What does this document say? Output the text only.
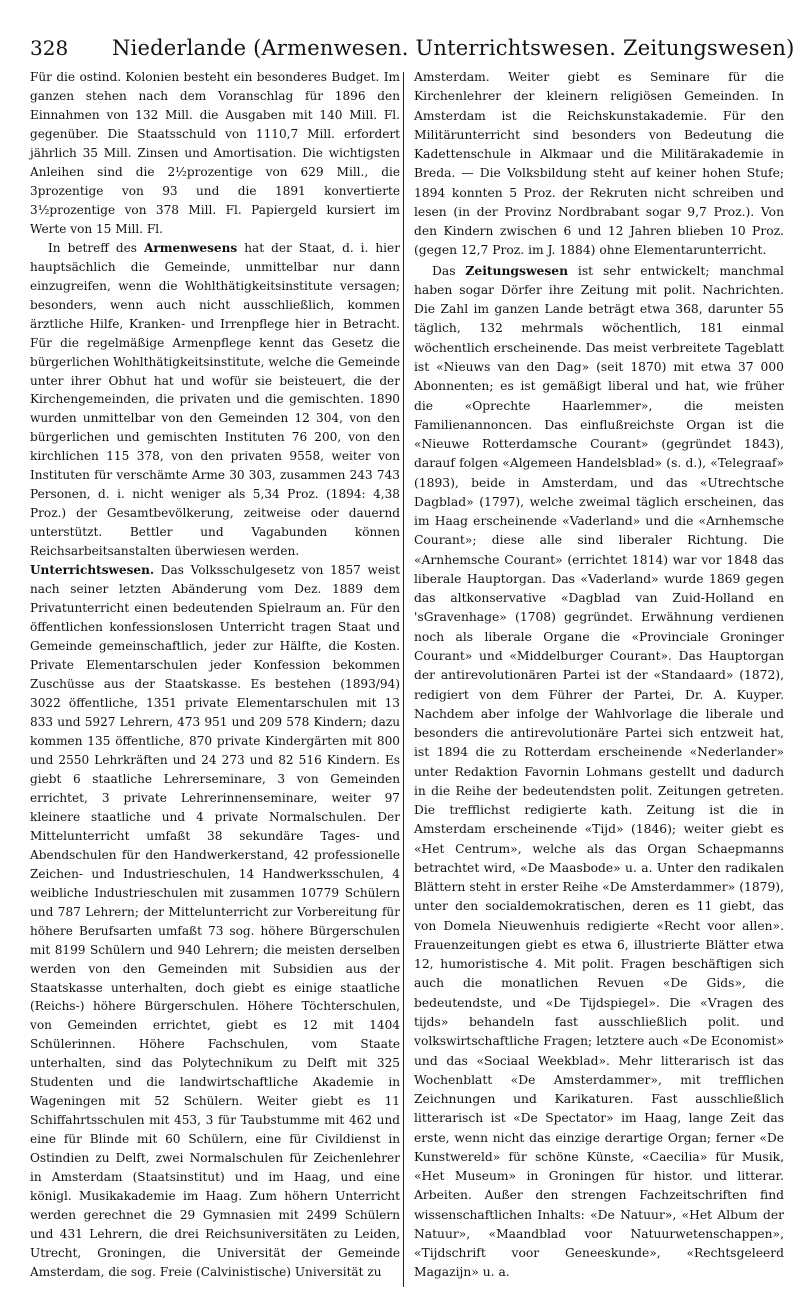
328 Niederlande (Armenwesen. Unterrichtswesen. Zeitungswesen)

Für die ostind. Kolonien besteht ein besonderes Budget. Im ganzen stehen nach dem Voranschlag für 1896 den Einnahmen von 132 Mill. die Ausgaben mit 140 Mill. Fl. gegenüber. Die Staatsschuld von 1110,7 Mill. erfordert jährlich 35 Mill. Zinsen und Amortisation. Die wichtigsten Anleihen sind die 2½prozentige von 629 Mill., die 3prozentige von 93 und die 1891 konvertierte 3½prozentige von 378 Mill. Fl. Papiergeld kursiert im Werte von 15 Mill. Fl.

In betreff des Armenwesens hat der Staat, d. i. hier hauptsächlich die Gemeinde, unmittelbar nur dann einzugreifen, wenn die Wohlthätigkeitsinstitute versagen; besonders, wenn auch nicht ausschließlich, kommen ärztliche Hilfe, Kranken- und Irrenpflege hier in Betracht. Für die regelmäßige Armenpflege kennt das Gesetz die bürgerlichen Wohlthätigkeitsinstitute, welche die Gemeinde unter ihrer Obhut hat und wofür sie beisteuert, die der Kirchengemeinden, die privaten und die gemischten. 1890 wurden unmittelbar von den Gemeinden 12 304, von den bürgerlichen und gemischten Instituten 76 200, von den kirchlichen 115 378, von den privaten 9558, weiter von Instituten für verschämte Arme 30 303, zusammen 243 743 Personen, d. i. nicht weniger als 5,34 Proz. (1894: 4,38 Proz.) der Gesamtbevölkerung, zeitweise oder dauernd unterstützt. Bettler und Vagabunden können Reichsarbeitsanstalten überwiesen werden.

Unterrichtswesen. Das Volksschulgesetz von 1857 weist nach seiner letzten Abänderung vom Dez. 1889 dem Privatunterricht einen bedeutenden Spielraum an. Für den öffentlichen konfessionslosen Unterricht tragen Staat und Gemeinde gemeinschaftlich, jeder zur Hälfte, die Kosten. Private Elementarschulen jeder Konfession bekommen Zuschüsse aus der Staatskasse. Es bestehen (1893/94) 3022 öffentliche, 1351 private Elementarschulen mit 13 833 und 5927 Lehrern, 473 951 und 209 578 Kindern; dazu kommen 135 öffentliche, 870 private Kindergärten mit 800 und 2550 Lehrkräften und 24 273 und 82 516 Kindern. Es giebt 6 staatliche Lehrerseminare, 3 von Gemeinden errichtet, 3 private Lehrerinnenseminare, weiter 97 kleinere staatliche und 4 private Normalschulen. Der Mittelunterricht umfaßt 38 sekundäre Tages- und Abendschulen für den Handwerkerstand, 42 professionelle Zeichen- und Industrieschulen, 14 Handwerksschulen, 4 weibliche Industrieschulen mit zusammen 10779 Schülern und 787 Lehrern; der Mittelunterricht zur Vorbereitung für höhere Berufsarten umfaßt 73 sog. höhere Bürgerschulen mit 8199 Schülern und 940 Lehrern; die meisten derselben werden von den Gemeinden mit Subsidien aus der Staatskasse unterhalten, doch giebt es einige staatliche (Reichs-) höhere Bürgerschulen. Höhere Töchterschulen, von Gemeinden errichtet, giebt es 12 mit 1404 Schülerinnen. Höhere Fachschulen, vom Staate unterhalten, sind das Polytechnikum zu Delft mit 325 Studenten und die landwirtschaftliche Akademie in Wageningen mit 52 Schülern. Weiter giebt es 11 Schiffahrtsschulen mit 453, 3 für Taubstumme mit 462 und eine für Blinde mit 60 Schülern, eine für Civildienst in Ostindien zu Delft, zwei Normalschulen für Zeichenlehrer in Amsterdam (Staatsinstitut) und im Haag, und eine königl. Musikakademie im Haag. Zum höhern Unterricht werden gerechnet die 29 Gymnasien mit 2499 Schülern und 431 Lehrern, die drei Reichsuniversitäten zu Leiden, Utrecht, Groningen, die Universität der Gemeinde Amsterdam, die sog. Freie (Calvinistische) Universität zu

Amsterdam. Weiter giebt es Seminare für die Kirchenlehrer der kleinern religiösen Gemeinden. In Amsterdam ist die Reichskunstakademie. Für den Militärunterricht sind besonders von Bedeutung die Kadettenschule in Alkmaar und die Militärakademie in Breda. — Die Volksbildung steht auf keiner hohen Stufe; 1894 konnten 5 Proz. der Rekruten nicht schreiben und lesen (in der Provinz Nordbrabant sogar 9,7 Proz.). Von den Kindern zwischen 6 und 12 Jahren blieben 10 Proz. (gegen 12,7 Proz. im J. 1884) ohne Elementarunterricht.

Das Zeitungswesen ist sehr entwickelt; manchmal haben sogar Dörfer ihre Zeitung mit polit. Nachrichten. Die Zahl im ganzen Lande beträgt etwa 368, darunter 55 täglich, 132 mehrmals wöchentlich, 181 einmal wöchentlich erscheinende. Das meist verbreitete Tageblatt ist «Nieuws van den Dag» (seit 1870) mit etwa 37 000 Abonnenten; es ist gemäßigt liberal und hat, wie früher die «Oprechte Haarlemmer», die meisten Familienannoncen. Das einflußreichste Organ ist die «Nieuwe Rotterdamsche Courant» (gegründet 1843), darauf folgen «Algemeen Handelsblad» (s. d.), «Telegraaf» (1893), beide in Amsterdam, und das «Utrechtsche Dagblad» (1797), welche zweimal täglich erscheinen, das im Haag erscheinende «Vaderland» und die «Arnhemsche Courant»; diese alle sind liberaler Richtung. Die «Arnhemsche Courant» (errichtet 1814) war vor 1848 das liberale Hauptorgan. Das «Vaderland» wurde 1869 gegen das altkonservative «Dagblad van Zuid-Holland en 'sGravenhage» (1708) gegründet. Erwähnung verdienen noch als liberale Organe die «Provinciale Groninger Courant» und «Middelburger Courant». Das Hauptorgan der antirevolutionären Partei ist der «Standaard» (1872), redigiert von dem Führer der Partei, Dr. A. Kuyper. Nachdem aber infolge der Wahlvorlage die liberale und besonders die antirevolutionäre Partei sich entzweit hat, ist 1894 die zu Rotterdam erscheinende «Nederlander» unter Redaktion Favornin Lohmans gestellt und dadurch in die Reihe der bedeutendsten polit. Zeitungen getreten. Die trefflichst redigierte kath. Zeitung ist die in Amsterdam erscheinende «Tijd» (1846); weiter giebt es «Het Centrum», welche als das Organ Schaepmanns betrachtet wird, «De Maasbode» u. a. Unter den radikalen Blättern steht in erster Reihe «De Amsterdammer» (1879), unter den socialdemokratischen, deren es 11 giebt, das von Domela Nieuwenhuis redigierte «Recht voor allen». Frauenzeitungen giebt es etwa 6, illustrierte Blätter etwa 12, humoristische 4. Mit polit. Fragen beschäftigen sich auch die monatlichen Revuen «De Gids», die bedeutendste, und «De Tijdspiegel». Die «Vragen des tijds» behandeln fast ausschließlich polit. und volkswirtschaftliche Fragen; letztere auch «De Economist» und das «Sociaal Weekblad». Mehr litterarisch ist das Wochenblatt «De Amsterdammer», mit trefflichen Zeichnungen und Karikaturen. Fast ausschließlich litterarisch ist «De Spectator» im Haag, lange Zeit das erste, wenn nicht das einzige derartige Organ; ferner «De Kunstwereld» für schöne Künste, «Caecilia» für Musik, «Het Museum» in Groningen für histor. und litterar. Arbeiten. Außer den strengen Fachzeitschriften find wissenschaftlichen Inhalts: «De Natuur», «Het Album der Natuur», «Maandblad voor Natuurwetenschappen», «Tijdschrift voor Geneeskunde», «Rechtsgeleerd Magazijn» u. a.
